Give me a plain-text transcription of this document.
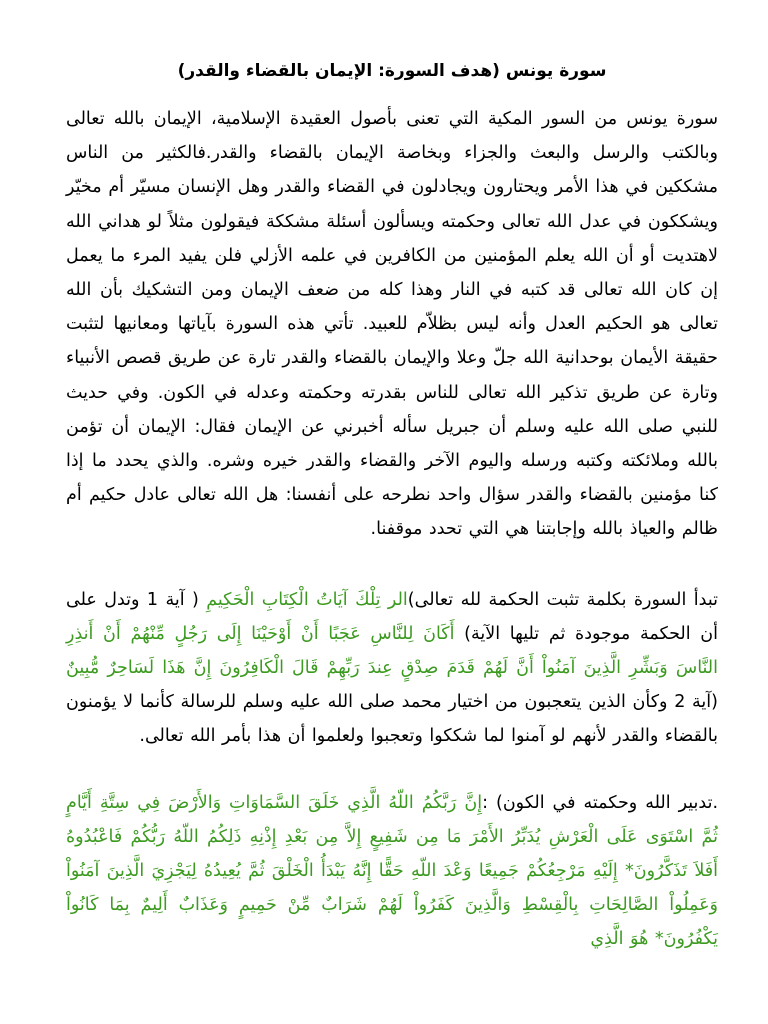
سورة يونس (هدف السورة: الإيمان بالقضاء والقدر)

سورة يونس من السور المكية التي تعنى بأصول العقيدة الإسلامية، الإيمان بالله تعالى وبالكتب والرسل والبعث والجزاء وبخاصة الإيمان بالقضاء والقدر.فالكثير من الناس مشككين في هذا الأمر ويحتارون ويجادلون في القضاء والقدر وهل الإنسان مسيّر أم مخيّر ويشككون في عدل الله تعالى وحكمته ويسألون أسئلة مشككة فيقولون مثلاً لو هداني الله لاهتديت أو أن الله يعلم المؤمنين من الكافرين في علمه الأزلي فلن يفيد المرء ما يعمل إن كان الله تعالى قد كتبه في النار وهذا كله من ضعف الإيمان ومن التشكيك بأن الله تعالى هو الحكيم العدل وأنه ليس بظلاّم للعبيد. تأتي هذه السورة بآياتها ومعانيها لتثبت حقيقة الأيمان بوحدانية الله جلّ وعلا والإيمان بالقضاء والقدر تارة عن طريق قصص الأنبياء وتارة عن طريق تذكير الله تعالى للناس بقدرته وحكمته وعدله في الكون. وفي حديث للنبي صلى الله عليه وسلم أن جبريل سأله أخبرني عن الإيمان فقال: الإيمان أن تؤمن بالله وملائكته وكتبه ورسله واليوم الآخر والقضاء والقدر خيره وشره. والذي يحدد ما إذا كنا مؤمنين بالقضاء والقدر سؤال واحد نطرحه على أنفسنا: هل الله تعالى عادل حكيم أم ظالم والعياذ بالله وإجابتنا هي التي تحدد موقفنا.

تبدأ السورة بكلمة تثبت الحكمة لله تعالى)الر تِلْكَ آيَاتُ الْكِتَابِ الْحَكِيمِ ( آية 1 وتدل على أن الحكمة موجودة ثم تليها الآية) أَكَانَ لِلنَّاسِ عَجَبًا أَنْ أَوْحَيْنَا إِلَى رَجُلٍ مِّنْهُمْ أَنْ أَنذِرِ النَّاسَ وَبَشِّرِ الَّذِينَ آمَنُواْ أَنَّ لَهُمْ قَدَمَ صِدْقٍ عِندَ رَبِّهِمْ قَالَ الْكَافِرُونَ إِنَّ هَذَا لَسَاحِرٌ مُّبِينٌ (آية 2 وكأن الذين يتعجبون من اختيار محمد صلى الله عليه وسلم للرسالة كأنما لا يؤمنون بالقضاء والقدر لأنهم لو آمنوا لما شككوا وتعجبوا ولعلموا أن هذا بأمر الله تعالى.

.تدبير الله وحكمته في الكون) :إِنَّ رَبَّكُمُ اللّهُ الَّذِي خَلَقَ السَّمَاوَاتِ وَالأَرْضَ فِي سِتَّةِ أَيَّامٍ ثُمَّ اسْتَوَى عَلَى الْعَرْشِ يُدَبِّرُ الأَمْرَ مَا مِن شَفِيعٍ إِلاَّ مِن بَعْدِ إِذْنِهِ ذَلِكُمُ اللّهُ رَبُّكُمْ فَاعْبُدُوهُ أَفَلاَ تَذَكَّرُونَ* إِلَيْهِ مَرْجِعُكُمْ جَمِيعًا وَعْدَ اللّهِ حَقًّا إِنَّهُ يَبْدَأُ الْخَلْقَ ثُمَّ يُعِيدُهُ لِيَجْزِيَ الَّذِينَ آمَنُواْ وَعَمِلُواْ الصَّالِحَاتِ بِالْقِسْطِ وَالَّذِينَ كَفَرُواْ لَهُمْ شَرَابٌ مِّنْ حَمِيمٍ وَعَذَابٌ أَلِيمٌ بِمَا كَانُواْ يَكْفُرُونَ* هُوَ الَّذِي
